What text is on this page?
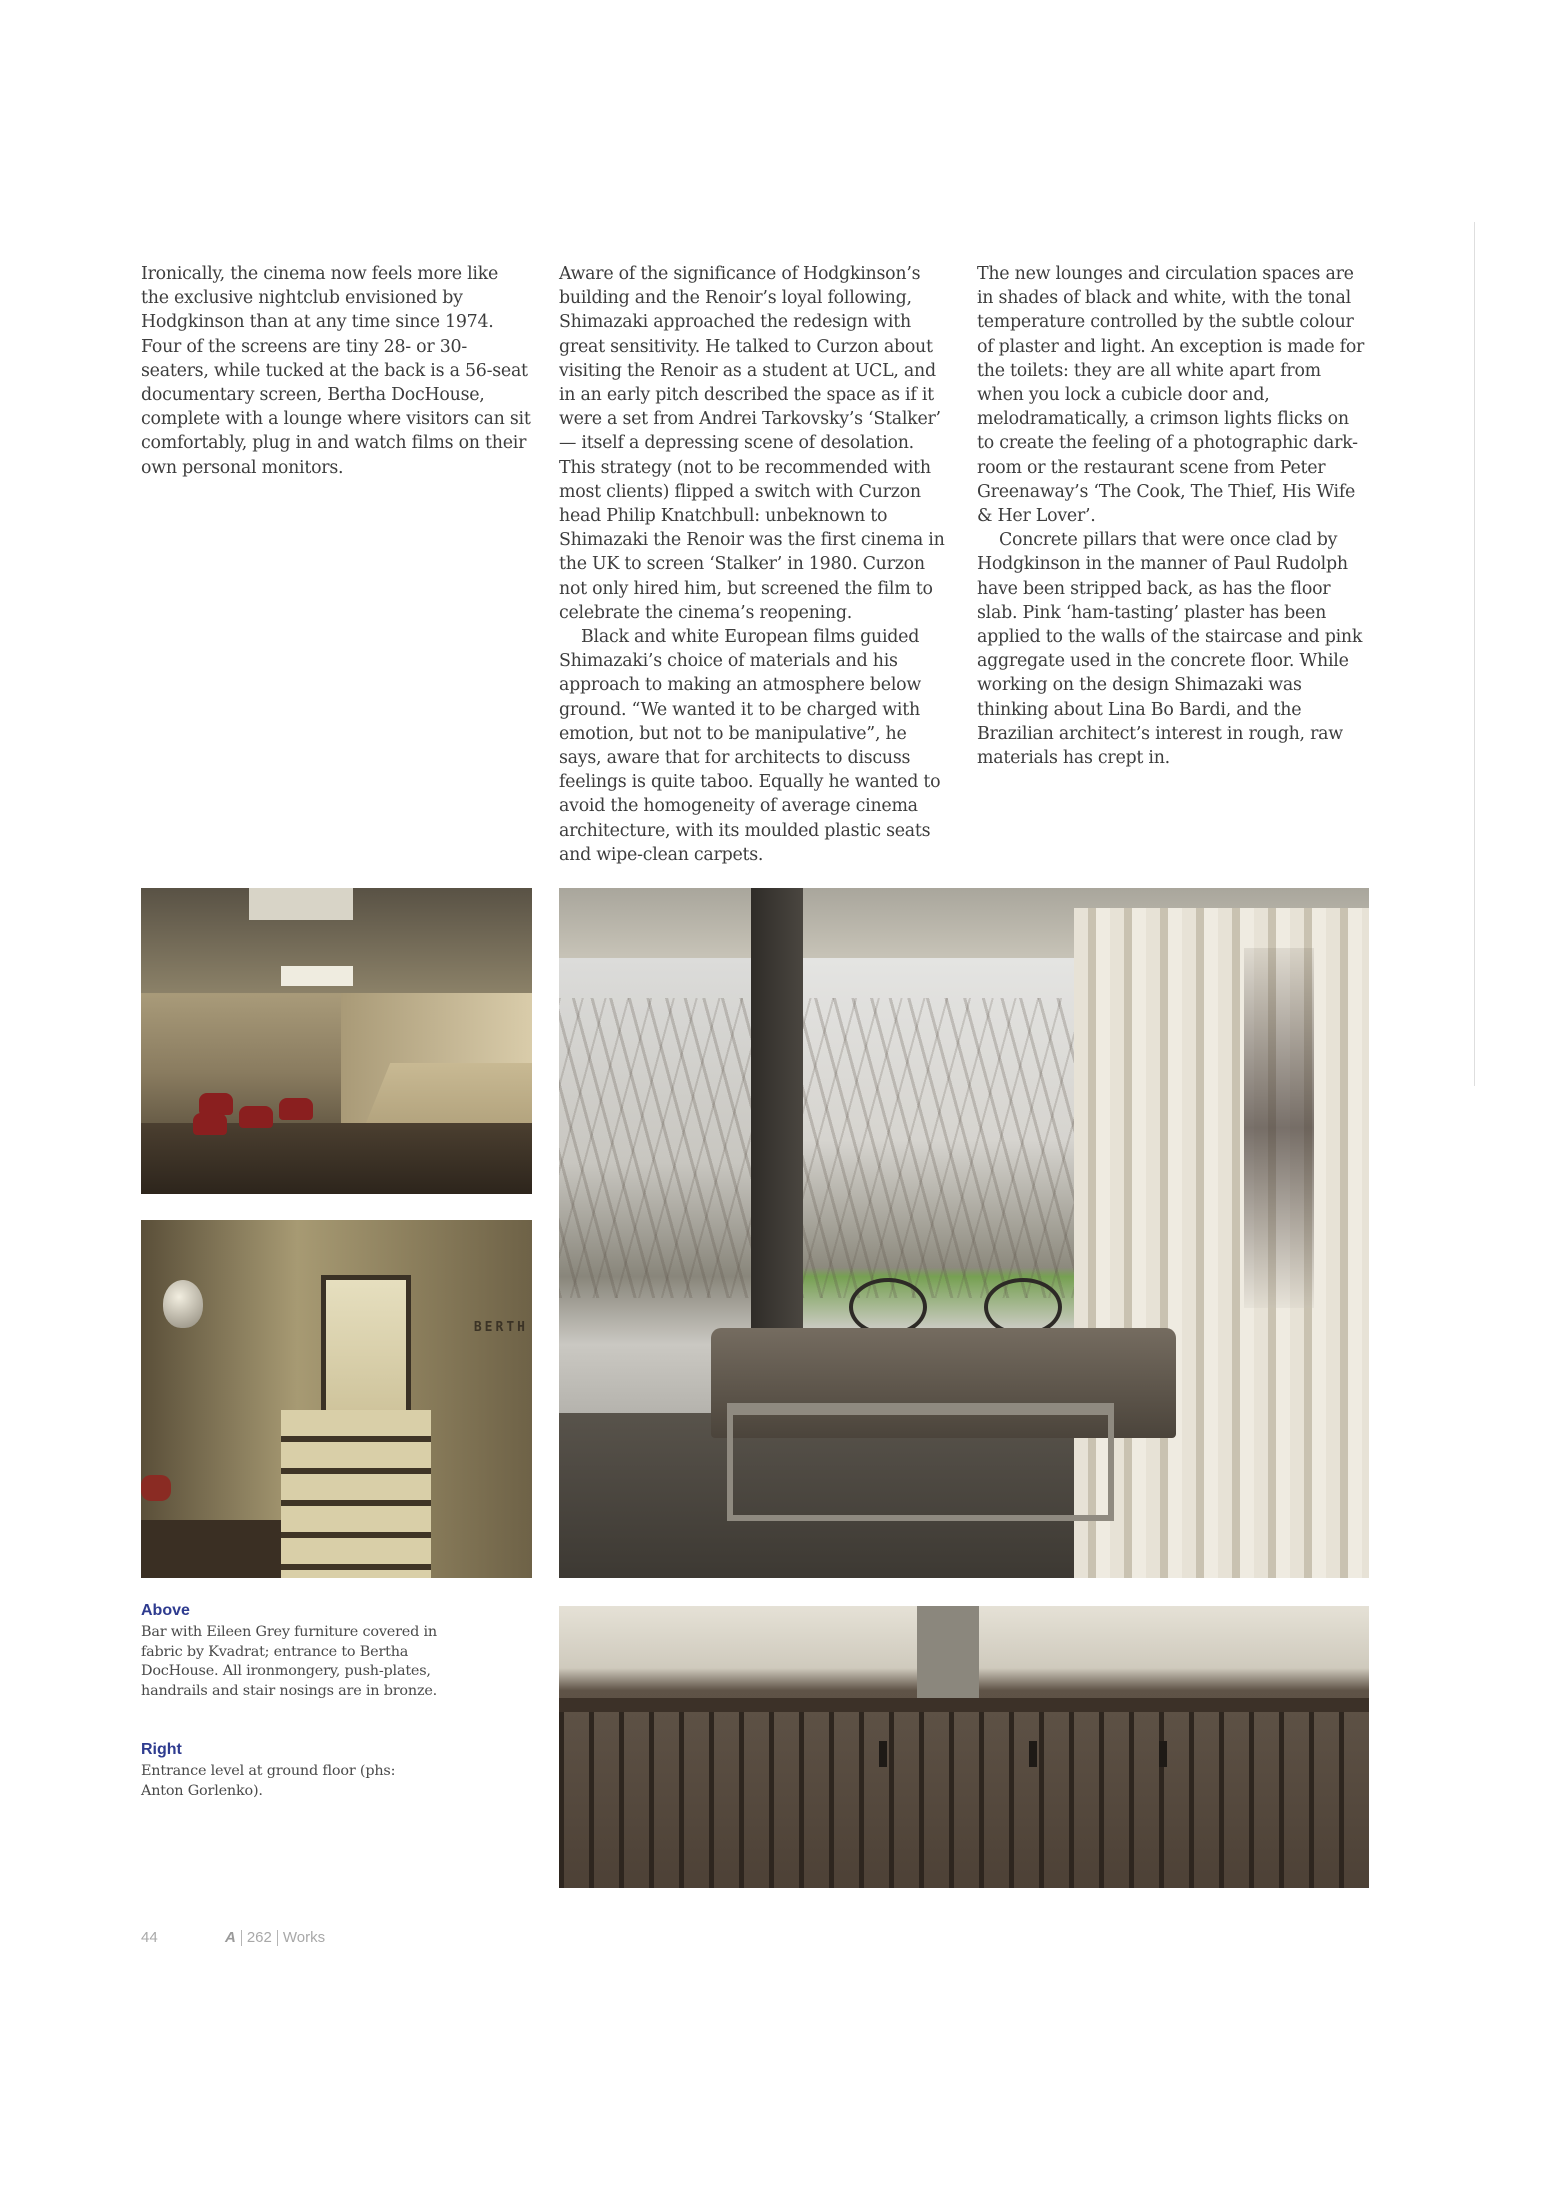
Ironically, the cinema now feels more like the exclusive nightclub envisioned by Hodgkinson than at any time since 1974. Four of the screens are tiny 28- or 30-seaters, while tucked at the back is a 56-seat documentary screen, Bertha DocHouse, complete with a lounge where visitors can sit comfortably, plug in and watch films on their own personal monitors.

Aware of the significance of Hodgkinson’s building and the Renoir’s loyal following, Shimazaki approached the redesign with great sensitivity. He talked to Curzon about visiting the Renoir as a student at UCL, and in an early pitch described the space as if it were a set from Andrei Tarkovsky’s ‘Stalker’ — itself a depressing scene of desolation. This strategy (not to be recommended with most clients) flipped a switch with Curzon head Philip Knatchbull: unbeknown to Shimazaki the Renoir was the first cinema in the UK to screen ‘Stalker’ in 1980. Curzon not only hired him, but screened the film to celebrate the cinema’s reopening.

Black and white European films guided Shimazaki’s choice of materials and his approach to making an atmosphere below ground. “We wanted it to be charged with emotion, but not to be manipulative”, he says, aware that for architects to discuss feelings is quite taboo. Equally he wanted to avoid the homogeneity of average cinema architecture, with its moulded plastic seats and wipe-clean carpets.

The new lounges and circulation spaces are in shades of black and white, with the tonal temperature controlled by the subtle colour of plaster and light. An exception is made for the toilets: they are all white apart from when you lock a cubicle door and, melodramatically, a crimson lights flicks on to create the feeling of a photographic dark-room or the restaurant scene from Peter Greenaway’s ‘The Cook, The Thief, His Wife & Her Lover’.

Concrete pillars that were once clad by Hodgkinson in the manner of Paul Rudolph have been stripped back, as has the floor slab. Pink ‘ham-tasting’ plaster has been applied to the walls of the staircase and pink aggregate used in the concrete floor. While working on the design Shimazaki was thinking about Lina Bo Bardi, and the Brazilian architect’s interest in rough, raw materials has crept in.

BERTH
Above

Bar with Eileen Grey furniture covered in fabric by Kvadrat; entrance to Bertha DocHouse. All ironmongery, push-plates, handrails and stair nosings are in bronze.

Right

Entrance level at ground floor (phs: Anton Gorlenko).

44	A 262 Works
